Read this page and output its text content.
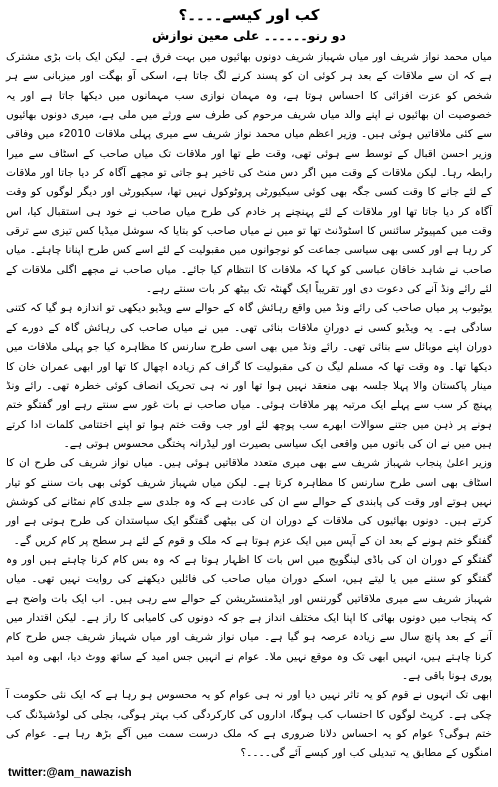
کب اور کیسے۔۔۔۔؟
دو رنو۔۔۔۔۔۔ علی معین نوازش

میاں محمد نواز شریف اور میاں شہباز شریف دونوں بھائیوں میں بہت فرق ہے۔ لیکن ایک بات بڑی مشترک ہے کہ ان سے ملاقات کے بعد ہر کوئی ان کو پسند کرنے لگ جاتا ہے، اسکی آو بھگت اور میزبانی سے ہر شخص کو عزت افزائی کا احساس ہوتا ہے، وہ مہمان نوازی سب مہمانوں میں دیکھا جاتا ہے اور یہ خصوصیت ان بھائیوں نے اپنے والد میاں شریف مرحوم کی طرف سے ورثے میں ملی ہے، میری دونوں بھائیوں سے کئی ملاقاتیں ہوئی ہیں۔ وزیر اعظم میاں محمد نواز شریف سے میری پہلی ملاقات 2010ء میں وفاقی وزیر احسن اقبال کے توسط سے ہوئی تھی، وقت طے تھا اور ملاقات تک میاں صاحب کے اسٹاف سے میرا رابطہ رہا۔ لیکن ملاقات کے وقت میں اگر دس منٹ کی تاخیر ہو جاتی تو مجھے آگاہ کر دیا جاتا اور ملاقات کے لئے جانے کا وقت کسی جگہ بھی کوئی سیکیورٹی پروٹوکول نہیں تھا، سیکیورٹی اور دیگر لوگوں کو وقت آگاہ کر دیا جاتا تھا اور ملاقات کے لئے پہنچنے پر خادم کی طرح میاں صاحب نے خود ہی استقبال کیا، اس وقت میں کمپیوٹر سائنس کا اسٹوڈنٹ تھا تو میں نے میاں صاحب کو بتایا کہ سوشل میڈیا کس تیزی سے ترقی کر رہا ہے اور کسی بھی سیاسی جماعت کو نوجوانوں میں مقبولیت کے لئے اسے کس طرح اپنانا چاہئے۔ میاں صاحب نے شاہد خاقان عباسی کو کہا کہ ملاقات کا انتظام کیا جائے۔ میاں صاحب نے مجھے اگلی ملاقات کے لئے رائے ونڈ آنے کی دعوت دی اور تقریباً ایک گھنٹہ تک بیٹھ کر بات سنتے رہے۔

یوٹیوب پر میاں صاحب کی رائے ونڈ میں واقع رہائش گاہ کے حوالے سے ویڈیو دیکھی تو اندازہ ہو گیا کہ کتنی سادگی ہے۔ یہ ویڈیو کسی نے دورانِ ملاقات بنائی تھی۔ میں نے میاں صاحب کی رہائش گاہ کے دورے کے دوران اپنے موبائل سے بنائی تھی۔ رائے ونڈ میں بھی اسی طرح سارنس کا مظاہرہ کیا جو پہلی ملاقات میں دیکھا تھا۔ وہ وقت تھا کہ مسلم لیگ ن کی مقبولیت کا گراف کم زیادہ اچھال کا تھا اور ابھی عمران خان کا مینار پاکستان والا پہلا جلسہ بھی منعقد نہیں ہوا تھا اور نہ ہی تحریک انصاف کوئی خطرہ تھی۔ رائے ونڈ پہنچ کر سب سے پہلے ایک مرتبہ پھر ملاقات ہوئی۔ میاں صاحب نے بات غور سے سنتے رہے اور گفتگو ختم ہونے پر ذہن میں جتنے سوالات ابھرے سب پوچھ لئے اور جب وقت ختم ہوا تو اپنے اختتامی کلمات ادا کرتے ہیں میں نے ان کی باتوں میں واقعی ایک سیاسی بصیرت اور لیڈرانہ پختگی محسوس ہوتی ہے۔

وزیر اعلیٰ پنجاب شہباز شریف سے بھی میری متعدد ملاقاتیں ہوئی ہیں۔ میاں نواز شریف کی طرح ان کا اسٹاف بھی اسی طرح سارنس کا مظاہرہ کرتا ہے۔ لیکن میاں شہباز شریف کوئی بھی بات سننے کو تیار نہیں ہوتے اور وقت کی پابندی کے حوالے سے ان کی عادت ہے کہ وہ جلدی سے جلدی کام نمٹانے کی کوشش کرتے ہیں۔ دونوں بھائیوں کی ملاقات کے دوران ان کی بیٹھی گفتگو ایک سیاستدان کی طرح ہوتی ہے اور گفتگو ختم ہونے کے بعد ان کے آپس میں ایک عزم ہوتا ہے کہ ملک و قوم کے لئے ہر سطح پر کام کریں گے۔

گفتگو کے دوران ان کی باڈی لینگویج میں اس بات کا اظہار ہوتا ہے کہ وہ بس کام کرنا چاہتے ہیں اور وہ گفتگو کو سننے میں یا لیتے ہیں، اسکے دوران میاں صاحب کی فائلیں دیکھنے کی روایت نہیں تھی۔ میاں شہباز شریف سے میری ملاقاتیں گورننس اور ایڈمنسٹریشن کے حوالے سے رہی ہیں۔ اب ایک بات واضح ہے کہ پنجاب میں دونوں بھائی کا اپنا ایک مختلف انداز ہے جو کہ دونوں کی کامیابی کا راز ہے۔ لیکن اقتدار میں آنے کے بعد پانچ سال سے زیادہ عرصہ ہو گیا ہے۔ میاں نواز شریف اور میاں شہباز شریف جس طرح کام کرنا چاہتے ہیں، انہیں ابھی تک وہ موقع نہیں ملا۔ عوام نے انہیں جس امید کے ساتھ ووٹ دیا، ابھی وہ امید پوری ہونا باقی ہے۔

ابھی تک انہوں نے قوم کو یہ تاثر نہیں دیا اور نہ ہی عوام کو یہ محسوس ہو رہا ہے کہ ایک نئی حکومت آ چکی ہے۔ کرپٹ لوگوں کا احتساب کب ہوگا، اداروں کی کارکردگی کب بہتر ہوگی، بجلی کی لوڈشیڈنگ کب ختم ہوگی؟ عوام کو یہ احساس دلانا ضروری ہے کہ ملک درست سمت میں آگے بڑھ رہا ہے۔ عوام کی امنگوں کے مطابق یہ تبدیلی کب اور کیسے آئے گی۔۔۔۔؟

twitter:@am_nawazish
